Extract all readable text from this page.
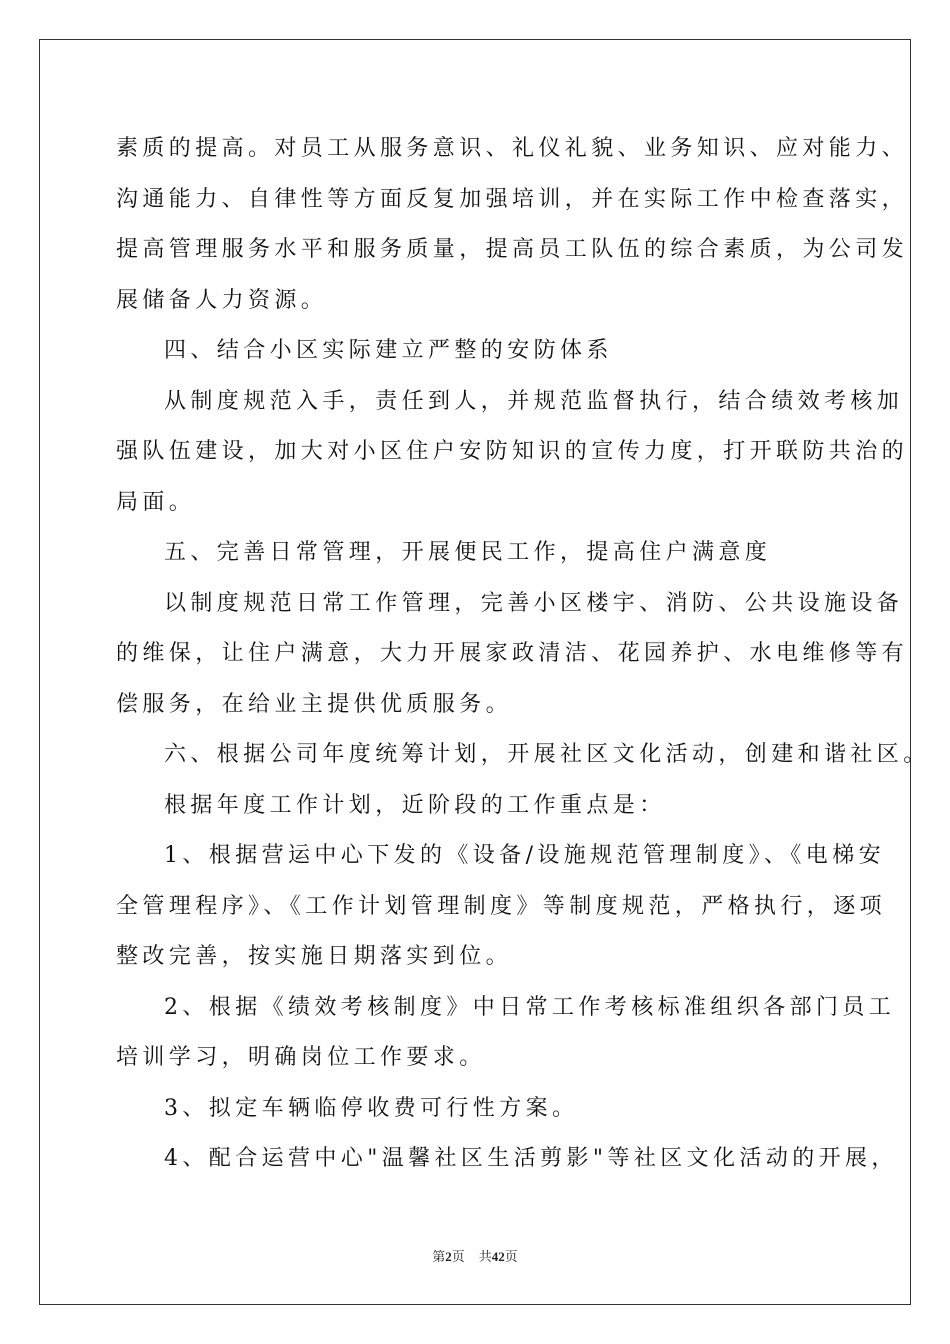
素质的提高。对员工从服务意识、礼仪礼貌、业务知识、应对能力、
沟通能力、自律性等方面反复加强培训，并在实际工作中检查落实，
提高管理服务水平和服务质量，提高员工队伍的综合素质，为公司发
展储备人力资源。
四、结合小区实际建立严整的安防体系
从制度规范入手，责任到人，并规范监督执行，结合绩效考核加
强队伍建设，加大对小区住户安防知识的宣传力度，打开联防共治的
局面。
五、完善日常管理，开展便民工作，提高住户满意度
以制度规范日常工作管理，完善小区楼宇、消防、公共设施设备
的维保，让住户满意，大力开展家政清洁、花园养护、水电维修等有
偿服务，在给业主提供优质服务。
六、根据公司年度统筹计划，开展社区文化活动，创建和谐社区。
根据年度工作计划，近阶段的工作重点是：
1、根据营运中心下发的《设备/设施规范管理制度》、《电梯安
全管理程序》、《工作计划管理制度》等制度规范，严格执行，逐项
整改完善，按实施日期落实到位。
2、根据《绩效考核制度》中日常工作考核标准组织各部门员工
培训学习，明确岗位工作要求。
3、拟定车辆临停收费可行性方案。
4、配合运营中心"温馨社区生活剪影"等社区文化活动的开展，
第2页 共42页
